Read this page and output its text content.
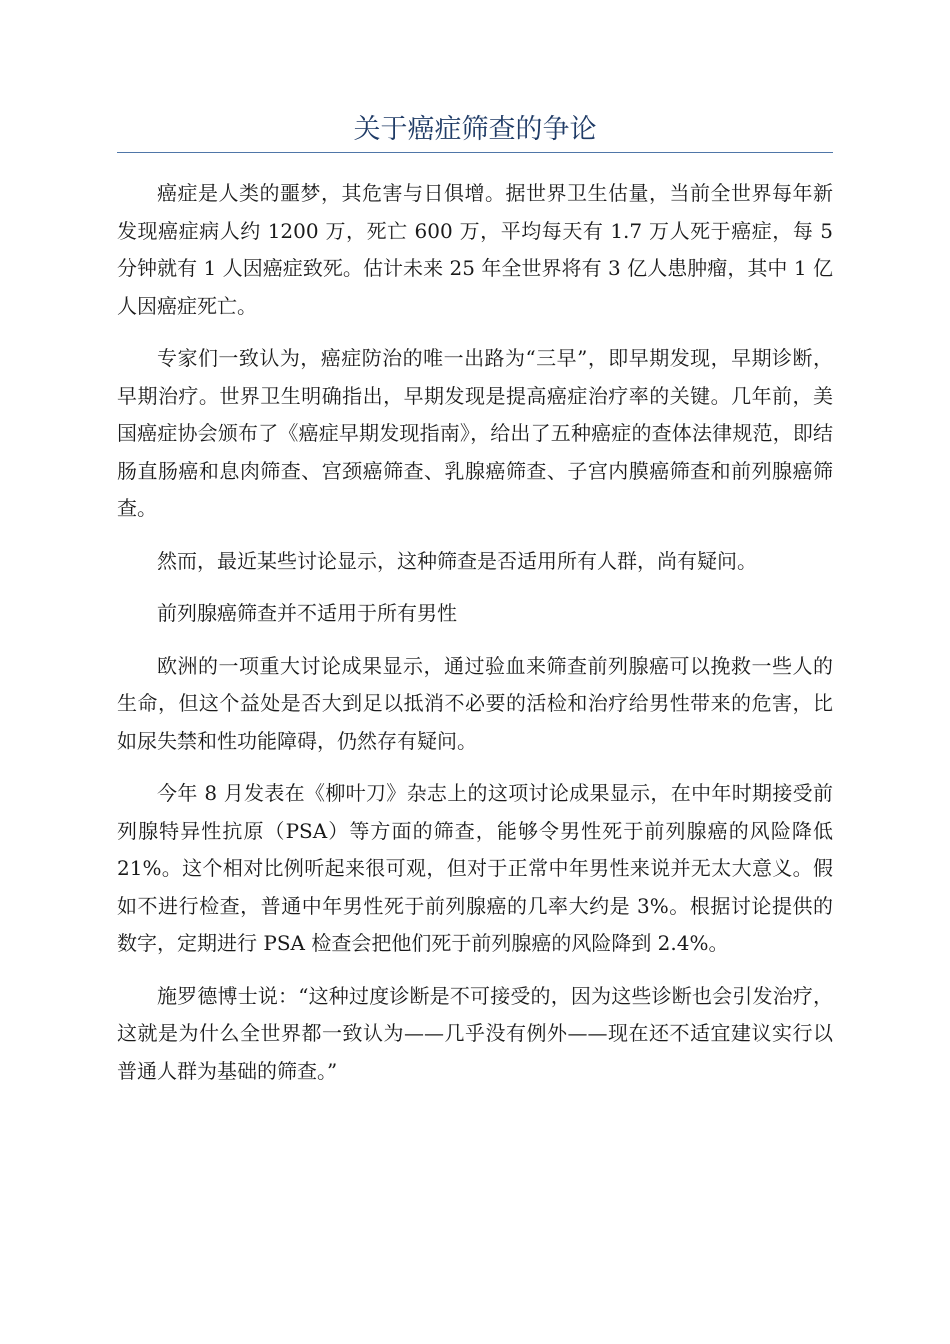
关于癌症筛查的争论

癌症是人类的噩梦，其危害与日俱增。据世界卫生估量，当前全世界每年新发现癌症病人约 1200 万，死亡 600 万，平均每天有 1.7 万人死于癌症，每 5 分钟就有 1 人因癌症致死。估计未来 25 年全世界将有 3 亿人患肿瘤，其中 1 亿人因癌症死亡。

专家们一致认为，癌症防治的唯一出路为“三早”，即早期发现，早期诊断，早期治疗。世界卫生明确指出，早期发现是提高癌症治疗率的关键。几年前，美国癌症协会颁布了《癌症早期发现指南》，给出了五种癌症的查体法律规范，即结肠直肠癌和息肉筛查、宫颈癌筛查、乳腺癌筛查、子宫内膜癌筛查和前列腺癌筛查。

然而，最近某些讨论显示，这种筛查是否适用所有人群，尚有疑问。

前列腺癌筛查并不适用于所有男性

欧洲的一项重大讨论成果显示，通过验血来筛查前列腺癌可以挽救一些人的生命，但这个益处是否大到足以抵消不必要的活检和治疗给男性带来的危害，比如尿失禁和性功能障碍，仍然存有疑问。

今年 8 月发表在《柳叶刀》杂志上的这项讨论成果显示，在中年时期接受前列腺特异性抗原（PSA）等方面的筛查，能够令男性死于前列腺癌的风险降低 21%。这个相对比例听起来很可观，但对于正常中年男性来说并无太大意义。假如不进行检查，普通中年男性死于前列腺癌的几率大约是 3%。根据讨论提供的数字，定期进行 PSA 检查会把他们死于前列腺癌的风险降到 2.4%。

施罗德博士说：“这种过度诊断是不可接受的，因为这些诊断也会引发治疗，这就是为什么全世界都一致认为——几乎没有例外——现在还不适宜建议实行以普通人群为基础的筛查。”
